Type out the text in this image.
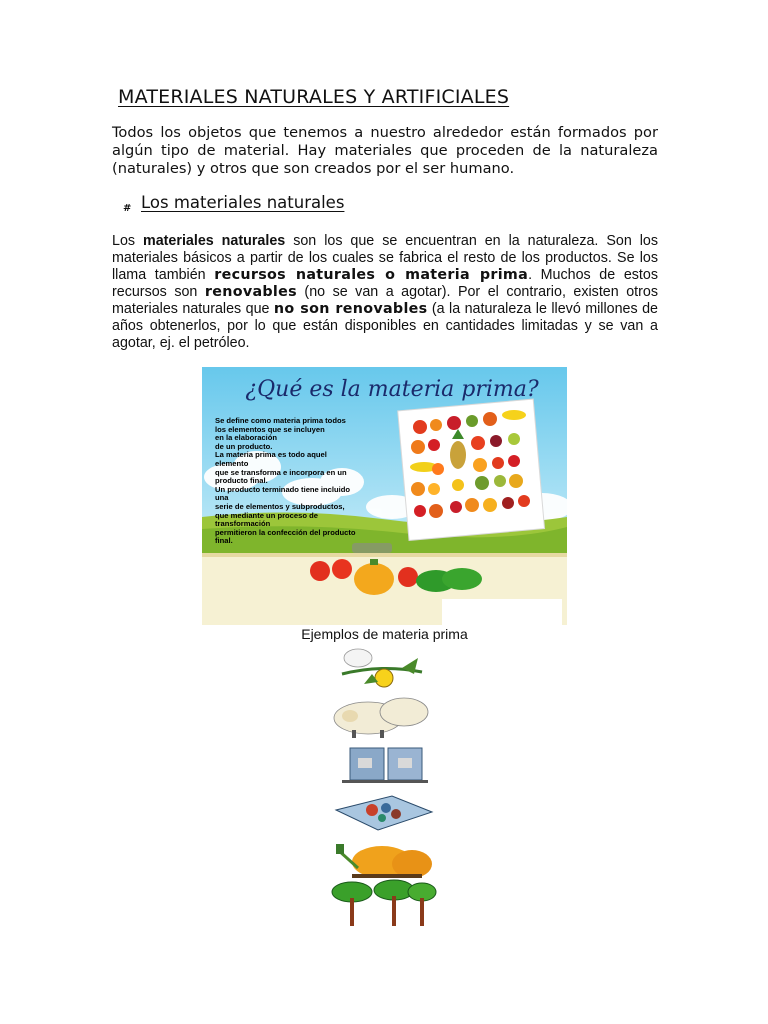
MATERIALES NATURALES Y ARTIFICIALES
Todos los objetos que tenemos a nuestro alrededor están formados por algún tipo de material. Hay materiales que proceden de la naturaleza (naturales) y otros que son creados por el ser humano.
# Los materiales naturales
Los materiales naturales son los que se encuentran en la naturaleza. Son los materiales básicos a partir de los cuales se fabrica el resto de los productos. Se los llama también recursos naturales o materia prima. Muchos de estos recursos son renovables (no se van a agotar). Por el contrario, existen otros materiales naturales que no son renovables (a la naturaleza le llevó millones de años obtenerlos, por lo que están disponibles en cantidades limitadas y se van a agotar, ej. el petróleo.
¿Qué es la materia prima?
Se define como materia prima todos
los elementos que se incluyen
en la elaboración
de un producto.
La materia prima es todo aquel
elemento
que se transforma e incorpora en un
producto final.
Un producto terminado tiene incluido
una
serie de elementos y subproductos,
que mediante un proceso de
transformación
permitieron la confección del producto
final.
Ejemplos de materia prima
